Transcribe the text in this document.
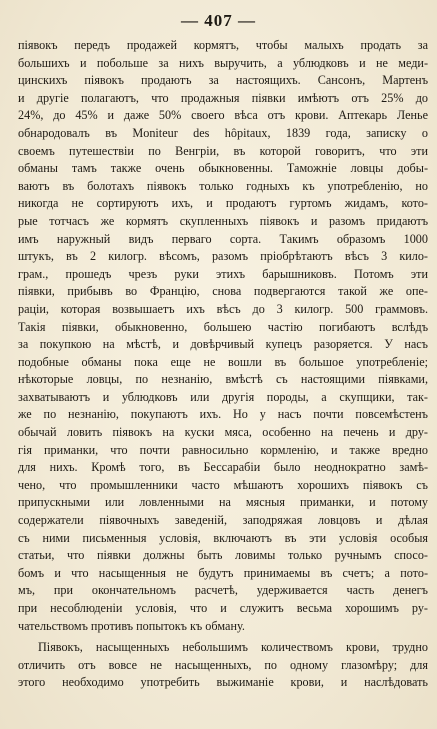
— 407 —
піявокъ передъ продажей кормятъ, чтобы малыхъ продать за
большихъ и побольше за нихъ выручить, а ублюдковъ и не меди-
цинскихъ піявокъ продаютъ за настоящихъ. Сансонъ, Мартенъ
и другіе полагаютъ, что продажныя піявки имѣютъ отъ 25% до
24%, до 45% и даже 50% своего вѣса отъ крови. Аптекарь Ленье
обнародовалъ въ Moniteur des hôpitaux, 1839 года, записку о
своемъ путешествіи по Венгріи, въ которой говоритъ, что эти
обманы тамъ также очень обыкновенны. Таможніе ловцы добы-
ваютъ въ болотахъ піявокъ только годныхъ къ употребленію, но
никогда не сортируютъ ихъ, и продаютъ гуртомъ жидамъ, кото-
рые тотчасъ же кормятъ скупленныхъ піявокъ и разомъ придаютъ
имъ наружный видъ перваго сорта. Такимъ образомъ 1000
штукъ, въ 2 килогр. вѣсомъ, разомъ пріобрѣтаютъ вѣсъ 3 кило-
грам., прошедъ чрезъ руки этихъ барышниковъ. Потомъ эти
піявки, прибывъ во Францію, снова подвергаются такой же опе-
раціи, которая возвышаетъ ихъ вѣсъ до 3 килогр. 500 граммовъ.
Такія піявки, обыкновенно, большею частію погибаютъ вслѣдъ
за покупкою на мѣстѣ, и довѣрчивый купецъ разоряется. У насъ
подобные обманы пока еще не вошли въ большое употребленіе;
нѣкоторые ловцы, по незнанію, вмѣстѣ съ настоящими піявками,
захватываютъ и ублюдковъ или другія породы, а скупщики, так-
же по незнанію, покупаютъ ихъ. Но у насъ почти повсемѣстенъ
обычай ловить піявокъ на куски мяса, особенно на печень и дру-
гія приманки, что почти равносильно кормленію, и также вредно
для нихъ. Кромѣ того, въ Бессарабіи было неоднократно замѣ-
чено, что промышленники часто мѣшаютъ хорошихъ піявокъ съ
припускными или ловленными на мясныя приманки, и потому
содержатели піявочныхъ заведеній, заподряжая ловцовъ и дѣлая
съ ними письменныя условія, включаютъ въ эти условія особыя
статьи, что піявки должны быть ловимы только ручнымъ спосо-
бомъ и что насыщенныя не будутъ принимаемы въ счетъ; а пото-
мъ, при окончательномъ расчетѣ, удерживается часть денегъ
при несоблюденіи условія, что и служитъ весьма хорошимъ ру-
чательствомъ противъ попытокъ къ обману.
Піявокъ, насыщенныхъ небольшимъ количествомъ крови, трудно
отличить отъ вовсе не насыщенныхъ, по одному глазомѣру; для
этого необходимо употребить выжиманіе крови, и наслѣдовать
